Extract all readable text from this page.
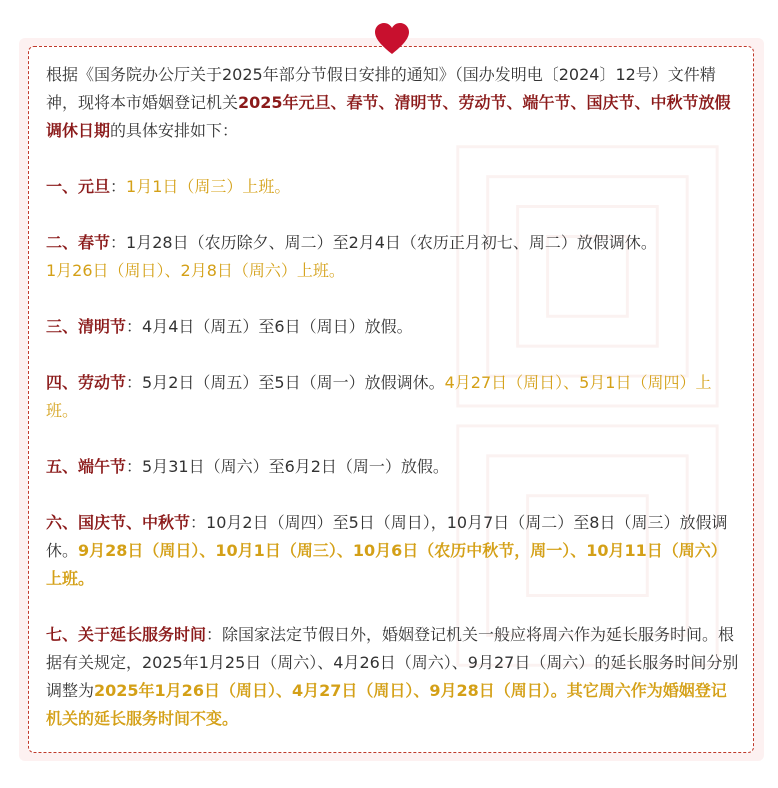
根据《国务院办公厅关于2025年部分节假日安排的通知》（国办发明电〔2024〕12号）文件精神，现将本市婚姻登记机关2025年元旦、春节、清明节、劳动节、端午节、国庆节、中秋节放假调休日期的具体安排如下：

一、元旦：1月1日（周三）上班。

二、春节：1月28日（农历除夕、周二）至2月4日（农历正月初七、周二）放假调休。
1月26日（周日）、2月8日（周六）上班。

三、清明节：4月4日（周五）至6日（周日）放假。

四、劳动节：5月2日（周五）至5日（周一）放假调休。4月27日（周日）、5月1日（周四）上班。

五、端午节：5月31日（周六）至6月2日（周一）放假。

六、国庆节、中秋节：10月2日（周四）至5日（周日），10月7日（周二）至8日（周三）放假调休。9月28日（周日）、10月1日（周三）、10月6日（农历中秋节，周一）、10月11日（周六）上班。

七、关于延长服务时间：除国家法定节假日外，婚姻登记机关一般应将周六作为延长服务时间。根据有关规定，2025年1月25日（周六）、4月26日（周六）、9月27日（周六）的延长服务时间分别调整为2025年1月26日（周日）、4月27日（周日）、9月28日（周日）。其它周六作为婚姻登记机关的延长服务时间不变。
